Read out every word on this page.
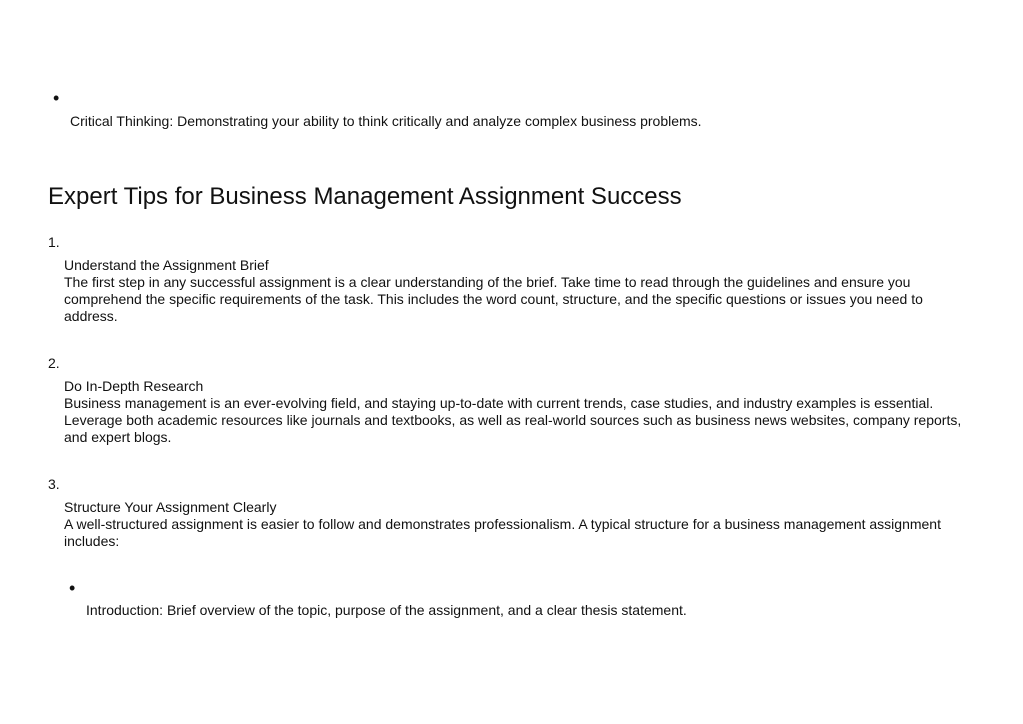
•
Critical Thinking: Demonstrating your ability to think critically and analyze complex business problems.
Expert Tips for Business Management Assignment Success
1.
Understand the Assignment Brief
The first step in any successful assignment is a clear understanding of the brief. Take time to read through the guidelines and ensure you comprehend the specific requirements of the task. This includes the word count, structure, and the specific questions or issues you need to address.
2.
Do In-Depth Research
Business management is an ever-evolving field, and staying up-to-date with current trends, case studies, and industry examples is essential. Leverage both academic resources like journals and textbooks, as well as real-world sources such as business news websites, company reports, and expert blogs.
3.
Structure Your Assignment Clearly
A well-structured assignment is easier to follow and demonstrates professionalism. A typical structure for a business management assignment includes:
•
Introduction: Brief overview of the topic, purpose of the assignment, and a clear thesis statement.
